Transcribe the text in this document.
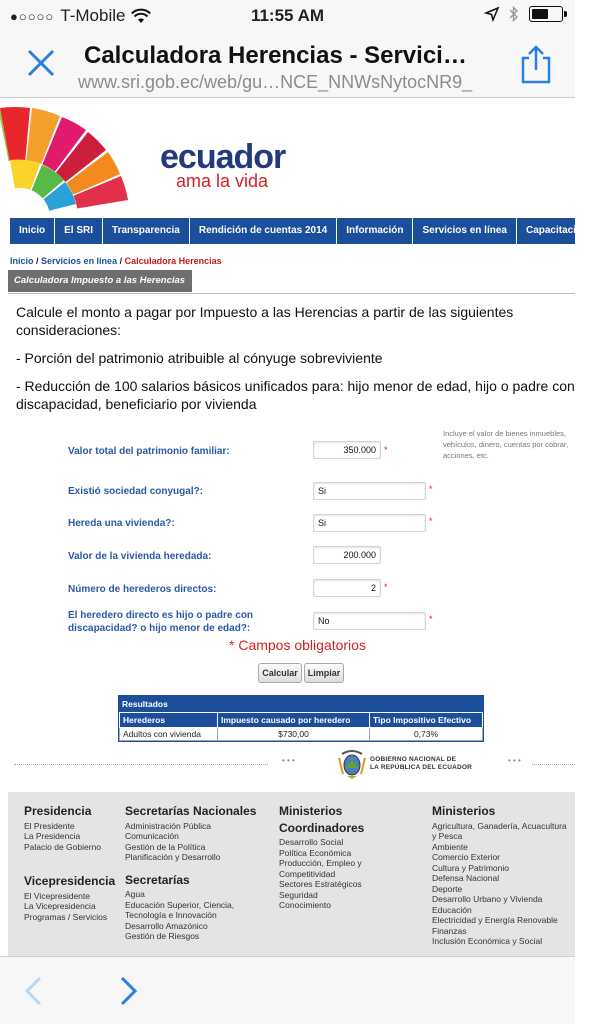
●○○○○ T-Mobile	11:55 AM
Calculadora Herencias - Servici…
www.sri.gob.ec/web/gu…NCE_NNWsNytocNR9_
ecuador
ama la vida
Inicio	El SRI	Transparencia	Rendición de cuentas 2014	Información	Servicios en línea	Capacitacion
Inicio / Servicios en línea / Calculadora Herencias
Calculadora Impuesto a las Herencias

Calcule el monto a pagar por Impuesto a las Herencias a partir de las siguientes consideraciones:

- Porción del patrimonio atribuible al cónyuge sobreviviente

- Reducción de 100 salarios básicos unificados para: hijo menor de edad, hijo o padre con discapacidad, beneficiario por vivienda

Incluye el valor de bienes inmuebles, vehículos, dinero, cuentas por cobrar, acciones, etc.
Valor total del patrimonio familiar:	350.000 *
Existió sociedad conyugal?:	Si	*
Hereda una vivienda?:	Si	*
Valor de la vivienda heredada:	200.000
Número de herederos directos:	2 *
El heredero directo es hijo o padre con discapacidad? o hijo menor de edad?:
No	*
* Campos obligatorios
Calcular	Limpiar
Resultados
Herederos	Impuesto causado por heredero	Tipo Impositivo Efectivo
Adultos con vivienda	$730,00	0,73%
• • •	GOBIERNO NACIONAL DE
LA REPÚBLICA DEL ECUADOR
• • •
Presidencia
El Presidente
La Presidencia
Palacio de Gobierno
Vicepresidencia
El Vicepresidente
La Vicepresidencia
Programas / Servicios
Secretarías Nacionales
Administración Pública
Comunicación
Gestión de la Política
Planificación y Desarrollo
Secretarías
Agua
Educación Superior, Ciencia,
Tecnología e Innovación
Desarrollo Amazónico
Gestión de Riesgos
Ministerios
Coordinadores
Desarrollo Social
Política Económica
Producción, Empleo y
Competitividad
Sectores Estratégicos
Seguridad
Conocimiento
Ministerios
Agricultura, Ganadería, Acuacultura
y Pesca
Ambiente
Comercio Exterior
Cultura y Patrimonio
Defensa Nacional
Deporte
Desarrollo Urbano y Vivienda
Educación
Electricidad y Energía Renovable
Finanzas
Inclusión Económica y Social
